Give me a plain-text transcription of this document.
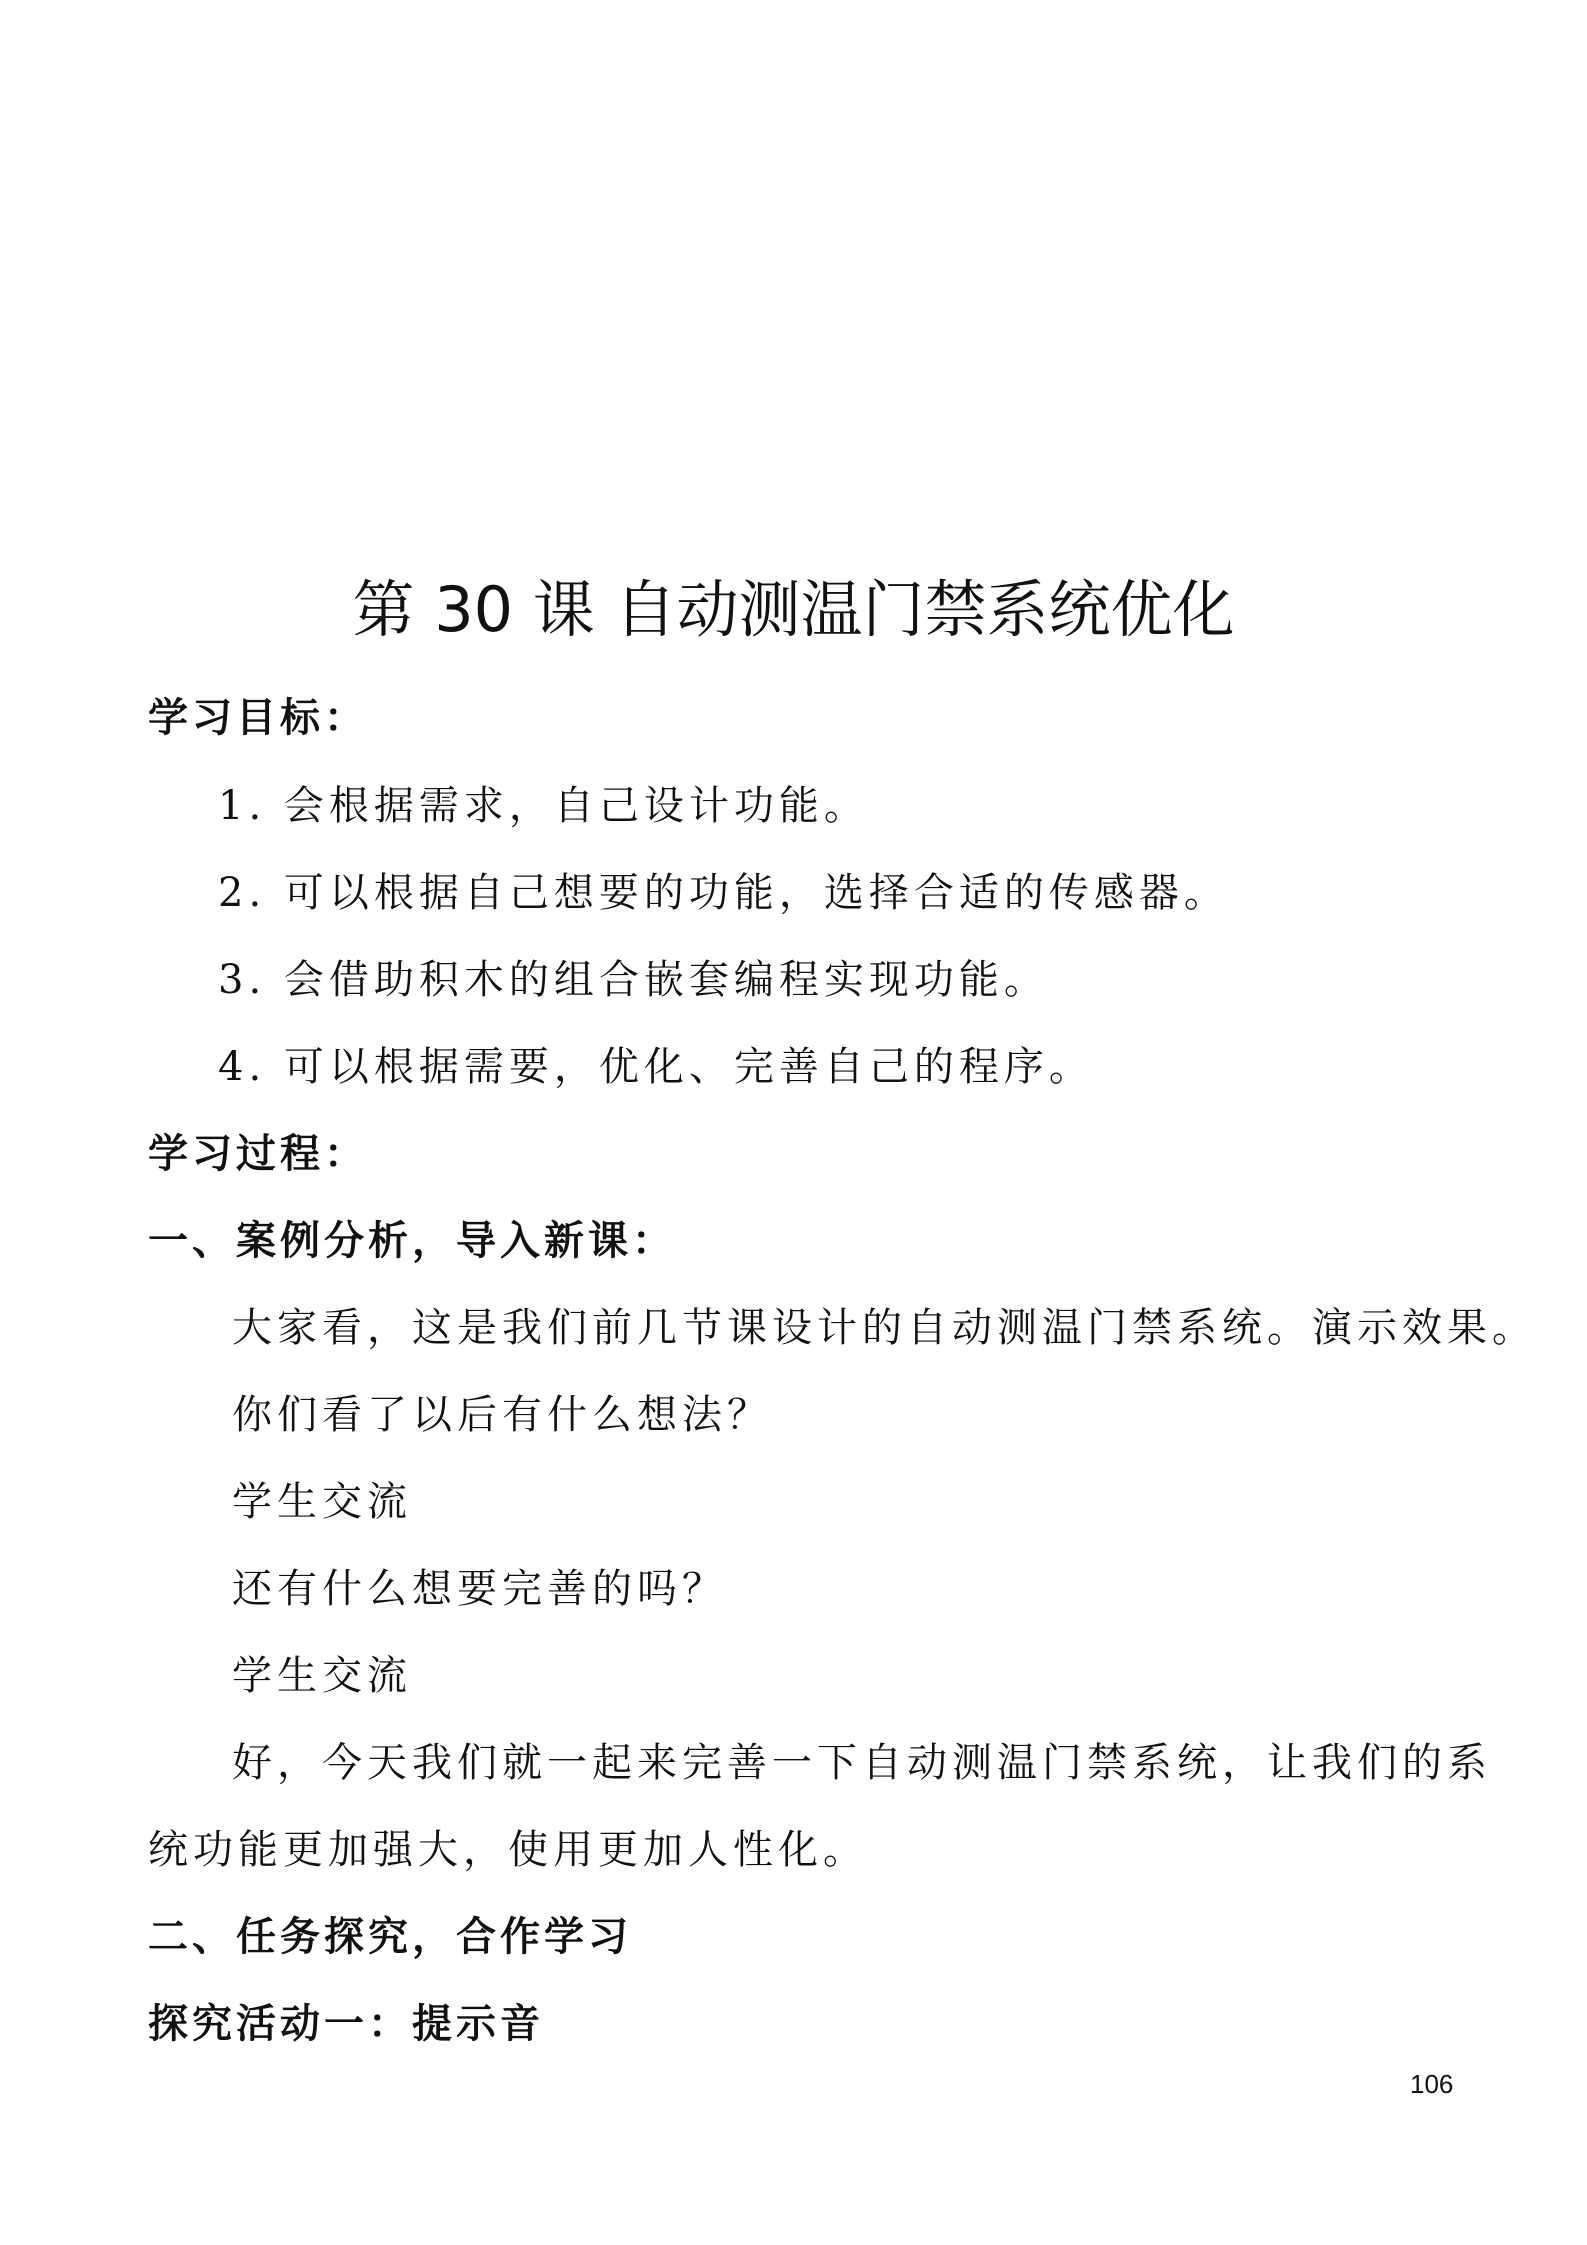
第 30 课 自动测温门禁系统优化

学习目标：

1. 会根据需求，自己设计功能。

2. 可以根据自己想要的功能，选择合适的传感器。

3. 会借助积木的组合嵌套编程实现功能。

4. 可以根据需要，优化、完善自己的程序。

学习过程：

一、案例分析，导入新课：

大家看，这是我们前几节课设计的自动测温门禁系统。演示效果。

你们看了以后有什么想法？

学生交流

还有什么想要完善的吗？

学生交流

好，今天我们就一起来完善一下自动测温门禁系统，让我们的系

统功能更加强大，使用更加人性化。

二、任务探究，合作学习

探究活动一：提示音

106
